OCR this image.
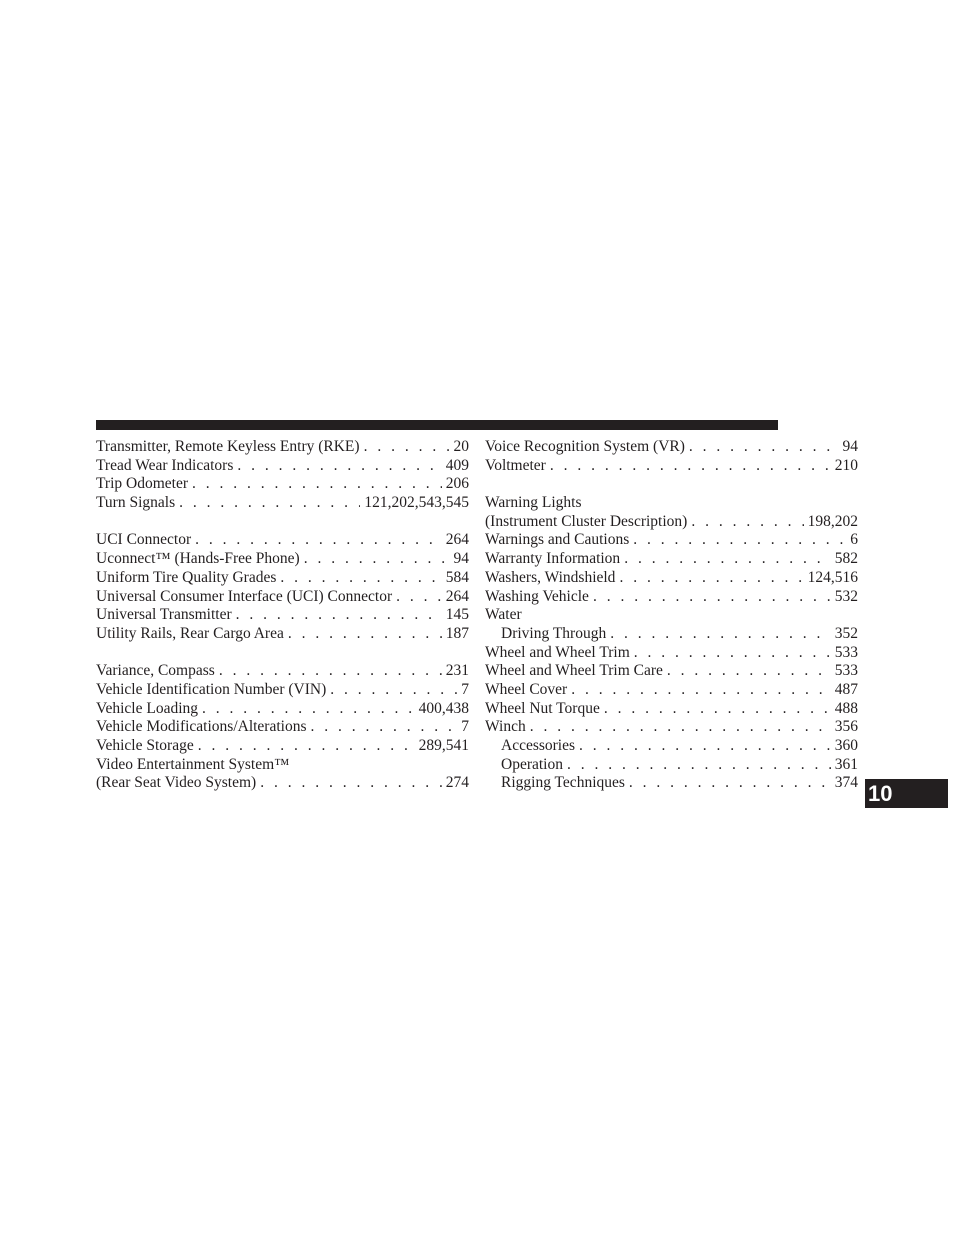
Transmitter, Remote Keyless Entry (RKE) . . .	20
Tread Wear Indicators . . .	409
Trip Odometer . . .	206
Turn Signals . . .	121,202,543,545
UCI Connector . . .	264
Uconnect™ (Hands-Free Phone) . . .	94
Uniform Tire Quality Grades . . .	584
Universal Consumer Interface (UCI) Connector . . .	264
Universal Transmitter . . .	145
Utility Rails, Rear Cargo Area . . .	187
Variance, Compass . . .	231
Vehicle Identification Number (VIN) . . .	7
Vehicle Loading . . .	400,438
Vehicle Modifications/Alterations . . .	7
Vehicle Storage . . .	289,541
Video Entertainment System™
(Rear Seat Video System) . . .	274
Voice Recognition System (VR) . . .	94
Voltmeter . . .	210
Warning Lights
(Instrument Cluster Description) . . .	198,202
Warnings and Cautions . . .	6
Warranty Information . . .	582
Washers, Windshield . . .	124,516
Washing Vehicle . . .	532
Water
Driving Through . . .	352
Wheel and Wheel Trim . . .	533
Wheel and Wheel Trim Care . . .	533
Wheel Cover . . .	487
Wheel Nut Torque . . .	488
Winch . . .	356
Accessories . . .	360
Operation . . .	361
Rigging Techniques . . .	374 10
